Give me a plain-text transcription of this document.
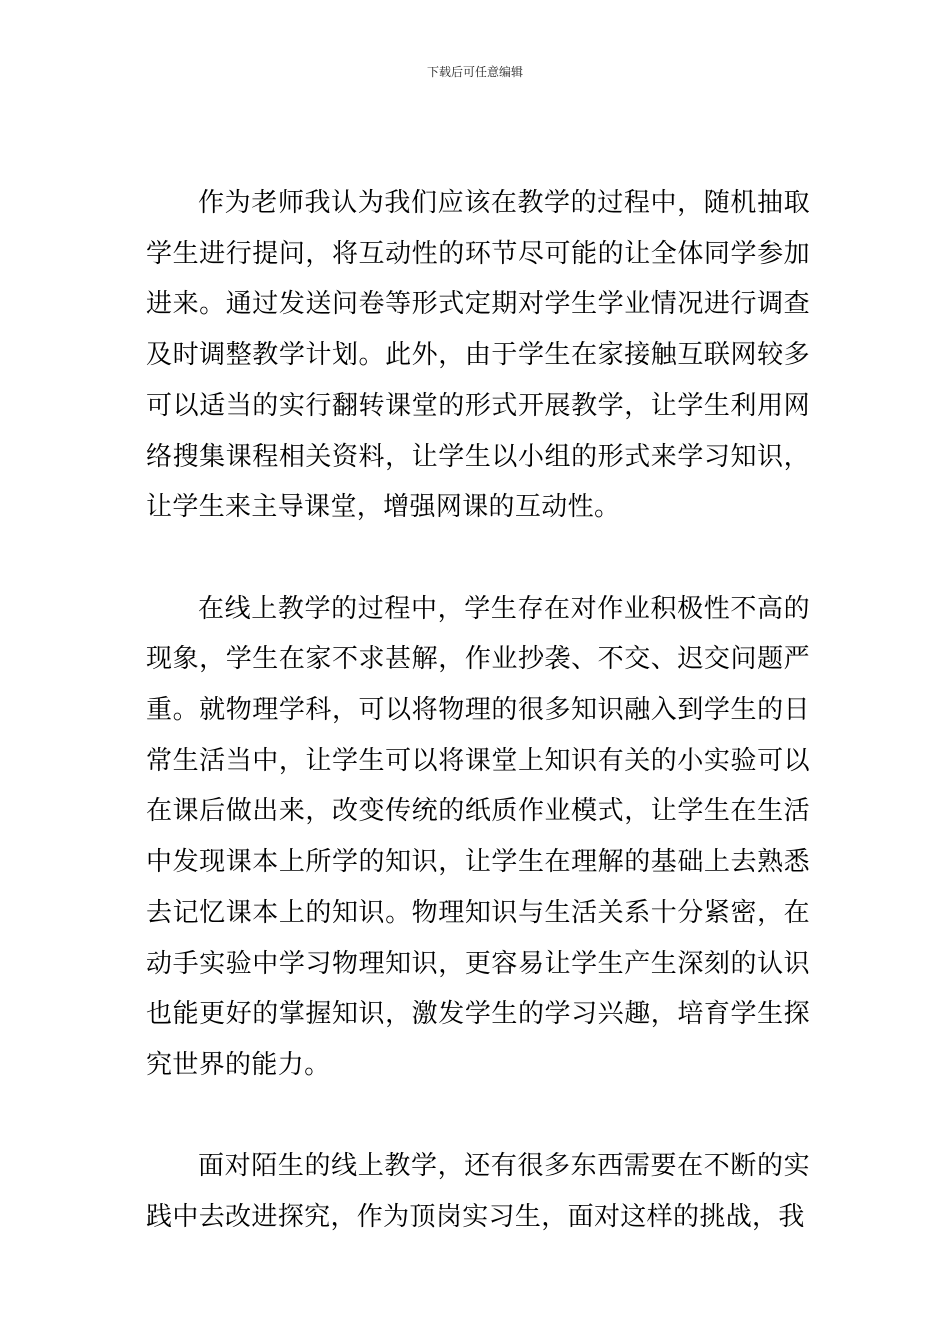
下载后可任意编辑

作为老师我认为我们应该在教学的过程中，随机抽取学生进行提问，将互动性的环节尽可能的让全体同学参加进来。通过发送问卷等形式定期对学生学业情况进行调查及时调整教学计划。此外，由于学生在家接触互联网较多可以适当的实行翻转课堂的形式开展教学，让学生利用网络搜集课程相关资料，让学生以小组的形式来学习知识，让学生来主导课堂，增强网课的互动性。

在线上教学的过程中，学生存在对作业积极性不高的现象，学生在家不求甚解，作业抄袭、不交、迟交问题严重。就物理学科，可以将物理的很多知识融入到学生的日常生活当中，让学生可以将课堂上知识有关的小实验可以在课后做出来，改变传统的纸质作业模式，让学生在生活中发现课本上所学的知识，让学生在理解的基础上去熟悉去记忆课本上的知识。物理知识与生活关系十分紧密，在动手实验中学习物理知识，更容易让学生产生深刻的认识也能更好的掌握知识，激发学生的学习兴趣，培育学生探究世界的能力。

面对陌生的线上教学，还有很多东西需要在不断的实践中去改进探究，作为顶岗实习生，面对这样的挑战，我
